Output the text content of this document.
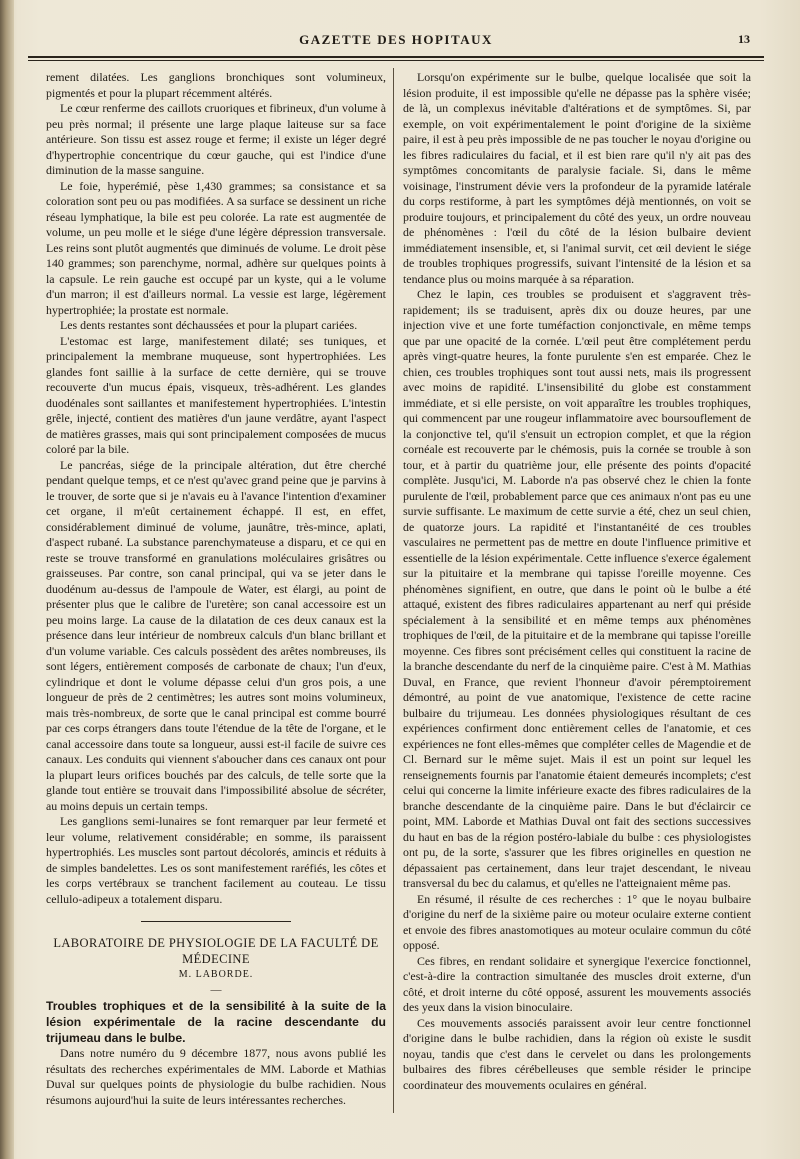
GAZETTE DES HOPITAUX	13

rement dilatées. Les ganglions bronchiques sont volumineux, pigmentés et pour la plupart récemment altérés.

Le cœur renferme des caillots cruoriques et fibrineux, d'un volume à peu près normal; il présente une large plaque laiteuse sur sa face antérieure. Son tissu est assez rouge et ferme; il existe un léger degré d'hypertrophie concentrique du cœur gauche, qui est l'indice d'une diminution de la masse sanguine.

Le foie, hyperémié, pèse 1,430 grammes; sa consistance et sa coloration sont peu ou pas modifiées. A sa surface se dessinent un riche réseau lymphatique, la bile est peu colorée. La rate est augmentée de volume, un peu molle et le siége d'une légère dépression transversale. Les reins sont plutôt augmentés que diminués de volume. Le droit pèse 140 grammes; son parenchyme, normal, adhère sur quelques points à la capsule. Le rein gauche est occupé par un kyste, qui a le volume d'un marron; il est d'ailleurs normal. La vessie est large, légèrement hypertrophiée; la prostate est normale.

Les dents restantes sont déchaussées et pour la plupart cariées.

L'estomac est large, manifestement dilaté; ses tuniques, et principalement la membrane muqueuse, sont hypertrophiées. Les glandes font saillie à la surface de cette dernière, qui se trouve recouverte d'un mucus épais, visqueux, très-adhérent. Les glandes duodénales sont saillantes et manifestement hypertrophiées. L'intestin grêle, injecté, contient des matières d'un jaune verdâtre, ayant l'aspect de matières grasses, mais qui sont principalement composées de mucus coloré par la bile.

Le pancréas, siége de la principale altération, dut être cherché pendant quelque temps, et ce n'est qu'avec grand peine que je parvins à le trouver, de sorte que si je n'avais eu à l'avance l'intention d'examiner cet organe, il m'eût certainement échappé. Il est, en effet, considérablement diminué de volume, jaunâtre, très-mince, aplati, d'aspect rubané. La substance parenchymateuse a disparu, et ce qui en reste se trouve transformé en granulations moléculaires grisâtres ou graisseuses. Par contre, son canal principal, qui va se jeter dans le duodénum au-dessus de l'ampoule de Water, est élargi, au point de présenter plus que le calibre de l'uretère; son canal accessoire est un peu moins large. La cause de la dilatation de ces deux canaux est la présence dans leur intérieur de nombreux calculs d'un blanc brillant et d'un volume variable. Ces calculs possèdent des arêtes nombreuses, ils sont légers, entièrement composés de carbonate de chaux; l'un d'eux, cylindrique et dont le volume dépasse celui d'un gros pois, a une longueur de près de 2 centimètres; les autres sont moins volumineux, mais très-nombreux, de sorte que le canal principal est comme bourré par ces corps étrangers dans toute l'étendue de la tête de l'organe, et le canal accessoire dans toute sa longueur, aussi est-il facile de suivre ces canaux. Les conduits qui viennent s'aboucher dans ces canaux ont pour la plupart leurs orifices bouchés par des calculs, de telle sorte que la glande tout entière se trouvait dans l'impossibilité absolue de sécréter, au moins depuis un certain temps.

Les ganglions semi-lunaires se font remarquer par leur fermeté et leur volume, relativement considérable; en somme, ils paraissent hypertrophiés. Les muscles sont partout décolorés, amincis et réduits à de simples bandelettes. Les os sont manifestement raréfiés, les côtes et les corps vertébraux se tranchent facilement au couteau. Le tissu cellulo-adipeux a totalement disparu.

LABORATOIRE DE PHYSIOLOGIE DE LA FACULTÉ DE MÉDECINE

M. LABORDE.

—

Troubles trophiques et de la sensibilité à la suite de la lésion expérimentale de la racine descendante du trijumeau dans le bulbe.

Dans notre numéro du 9 décembre 1877, nous avons publié les résultats des recherches expérimentales de MM. Laborde et Mathias Duval sur quelques points de physiologie du bulbe rachidien. Nous résumons aujourd'hui la suite de leurs intéressantes recherches.

Lorsqu'on expérimente sur le bulbe, quelque localisée que soit la lésion produite, il est impossible qu'elle ne dépasse pas la sphère visée; de là, un complexus inévitable d'altérations et de symptômes. Si, par exemple, on voit expérimentalement le point d'origine de la sixième paire, il est à peu près impossible de ne pas toucher le noyau d'origine ou les fibres radiculaires du facial, et il est bien rare qu'il n'y ait pas des symptômes concomitants de paralysie faciale. Si, dans le même voisinage, l'instrument dévie vers la profondeur de la pyramide latérale du corps restiforme, à part les symptômes déjà mentionnés, on voit se produire toujours, et principalement du côté des yeux, un ordre nouveau de phénomènes : l'œil du côté de la lésion bulbaire devient immédiatement insensible, et, si l'animal survit, cet œil devient le siége de troubles trophiques progressifs, suivant l'intensité de la lésion et sa tendance plus ou moins marquée à sa réparation.

Chez le lapin, ces troubles se produisent et s'aggravent très-rapidement; ils se traduisent, après dix ou douze heures, par une injection vive et une forte tuméfaction conjonctivale, en même temps que par une opacité de la cornée. L'œil peut être complétement perdu après vingt-quatre heures, la fonte purulente s'en est emparée. Chez le chien, ces troubles trophiques sont tout aussi nets, mais ils progressent avec moins de rapidité. L'insensibilité du globe est constamment immédiate, et si elle persiste, on voit apparaître les troubles trophiques, qui commencent par une rougeur inflammatoire avec boursouflement de la conjonctive tel, qu'il s'ensuit un ectropion complet, et que la région cornéale est recouverte par le chémosis, puis la cornée se trouble à son tour, et à partir du quatrième jour, elle présente des points d'opacité complète. Jusqu'ici, M. Laborde n'a pas observé chez le chien la fonte purulente de l'œil, probablement parce que ces animaux n'ont pas eu une survie suffisante. Le maximum de cette survie a été, chez un seul chien, de quatorze jours. La rapidité et l'instantanéité de ces troubles vasculaires ne permettent pas de mettre en doute l'influence primitive et essentielle de la lésion expérimentale. Cette influence s'exerce également sur la pituitaire et la membrane qui tapisse l'oreille moyenne. Ces phénomènes signifient, en outre, que dans le point où le bulbe a été attaqué, existent des fibres radiculaires appartenant au nerf qui préside spécialement à la sensibilité et en même temps aux phénomènes trophiques de l'œil, de la pituitaire et de la membrane qui tapisse l'oreille moyenne. Ces fibres sont précisément celles qui constituent la racine de la branche descendante du nerf de la cinquième paire. C'est à M. Mathias Duval, en France, que revient l'honneur d'avoir péremptoirement démontré, au point de vue anatomique, l'existence de cette racine bulbaire du trijumeau. Les données physiologiques résultant de ces expériences confirment donc entièrement celles de l'anatomie, et ces expériences ne font elles-mêmes que compléter celles de Magendie et de Cl. Bernard sur le même sujet. Mais il est un point sur lequel les renseignements fournis par l'anatomie étaient demeurés incomplets; c'est celui qui concerne la limite inférieure exacte des fibres radiculaires de la branche descendante de la cinquième paire. Dans le but d'éclaircir ce point, MM. Laborde et Mathias Duval ont fait des sections successives du haut en bas de la région postéro-labiale du bulbe : ces physiologistes ont pu, de la sorte, s'assurer que les fibres originelles en question ne dépassaient pas certainement, dans leur trajet descendant, le niveau transversal du bec du calamus, et qu'elles ne l'atteignaient même pas.

En résumé, il résulte de ces recherches : 1° que le noyau bulbaire d'origine du nerf de la sixième paire ou moteur oculaire externe contient et envoie des fibres anastomotiques au moteur oculaire commun du côté opposé.

Ces fibres, en rendant solidaire et synergique l'exercice fonctionnel, c'est-à-dire la contraction simultanée des muscles droit externe, d'un côté, et droit interne du côté opposé, assurent les mouvements associés des yeux dans la vision binoculaire.

Ces mouvements associés paraissent avoir leur centre fonctionnel d'origine dans le bulbe rachidien, dans la région où existe le susdit noyau, tandis que c'est dans le cervelet ou dans les prolongements bulbaires des fibres cérébelleuses que semble résider le principe coordinateur des mouvements oculaires en général.
